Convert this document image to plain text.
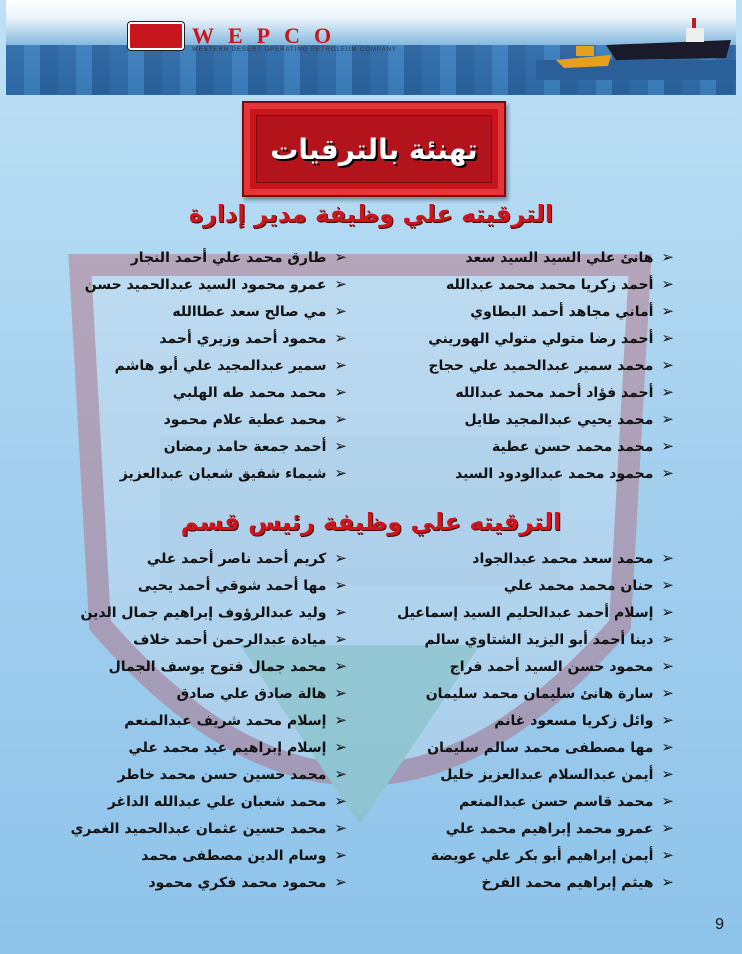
WEPCO
WESTERN DESERT OPERATING PETROLEUM COMPANY
تهنئة بالترقيات
الترقيته علي وظيفة مدير إدارة
➢هانئ علي السيد السيد سعد
➢أحمد زكريا محمد محمد عبدالله
➢أماني مجاهد أحمد البطاوي
➢أحمد رضا متولي متولي الهوريني
➢محمد سمير عبدالحميد علي حجاج
➢أحمد فؤاد أحمد محمد عبدالله
➢محمد يحيي عبدالمجيد طايل
➢محمد محمد حسن عطية
➢محمود محمد عبدالودود السيد
➢طارق محمد علي أحمد النجار
➢عمرو محمود السيد عبدالحميد حسن
➢مي صالح سعد عطاالله
➢محمود أحمد وزيري أحمد
➢سمير عبدالمجيد علي أبو هاشم
➢محمد محمد طه الهلبي
➢محمد عطية علام محمود
➢أحمد جمعة حامد رمضان
➢شيماء شفيق شعبان عبدالعزيز
الترقيته علي وظيفة رئيس قسم
➢محمد سعد محمد عبدالجواد
➢حنان محمد محمد علي
➢إسلام أحمد عبدالحليم السيد إسماعيل
➢دينا أحمد أبو اليزيد الشتاوي سالم
➢محمود حسن السيد أحمد فراج
➢سارة هانئ سليمان محمد سليمان
➢وائل زكريا مسعود غانم
➢مها مصطفى محمد سالم سليمان
➢أيمن عبدالسلام عبدالعزيز خليل
➢محمد قاسم حسن عبدالمنعم
➢عمرو محمد إبراهيم محمد علي
➢أيمن إبراهيم أبو بكر علي عويضة
➢هيثم إبراهيم محمد الفرخ
➢كريم أحمد ناصر أحمد علي
➢مها أحمد شوقي أحمد يحيى
➢وليد عبدالرؤوف إبراهيم جمال الدين
➢ميادة عبدالرحمن أحمد خلاف
➢محمد جمال فتوح يوسف الجمال
➢هالة صادق علي صادق
➢إسلام محمد شريف عبدالمنعم
➢إسلام إبراهيم عيد محمد علي
➢محمد حسين حسن محمد خاطر
➢محمد شعبان علي عبدالله الداغر
➢محمد حسين عثمان عبدالحميد الغمري
➢وسام الدين مصطفى محمد
➢محمود محمد فكري محمود
9
